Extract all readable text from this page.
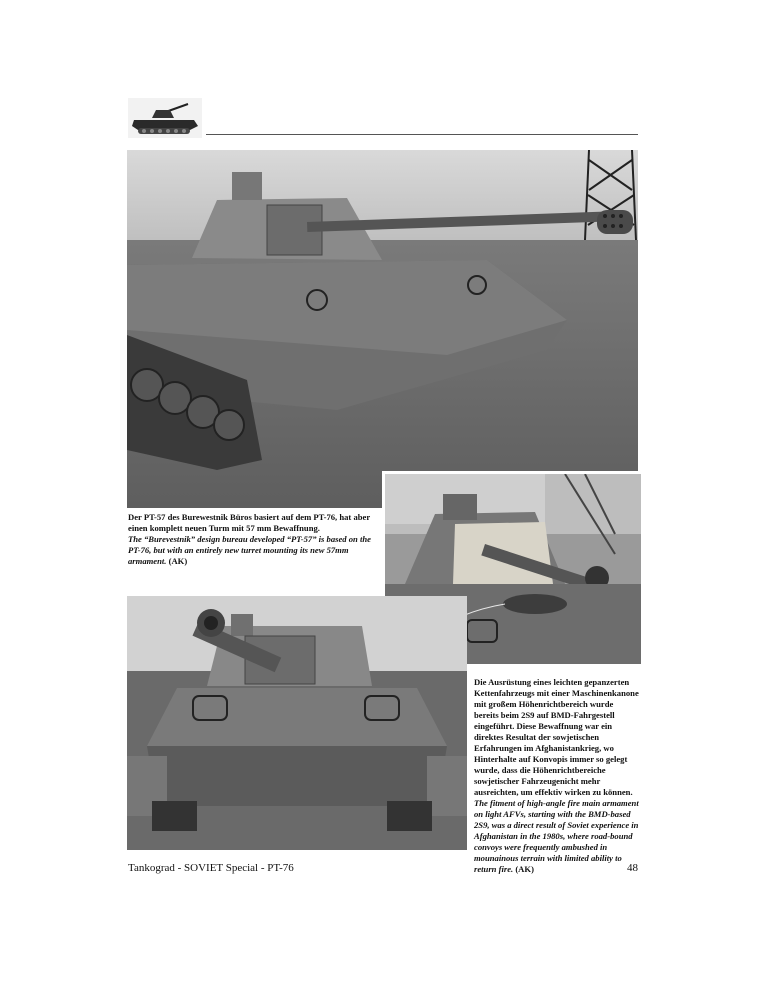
Der PT-57 des Burewestnik Büros basiert auf dem PT-76, hat aber einen komplett neuen Turm mit 57 mm Bewaffnung.
The “Burevestnik” design bureau developed “PT-57” is based on the PT-76, but with an entirely new turret mounting its new 57mm armament. (AK)
Die Ausrüstung eines leichten gepanzerten Kettenfahrzeugs mit einer Maschinenkanone mit großem Höhenrichtbereich wurde bereits beim 2S9 auf BMD-Fahrgestell eingeführt. Diese Bewaffnung war ein direktes Resultat der sowjetischen Erfahrungen im Afghanistankrieg, wo Hinterhalte auf Konvopis immer so gelegt wurde, dass die Höhenrichtbereiche sowjetischer Fahrzeugenicht mehr ausreichten, um effektiv wirken zu können.
The fitment of high-angle fire main armament on light AFVs, starting with the BMD-based 2S9, was a direct result of Soviet experience in Afghanistan in the 1980s, where road-bound convoys were frequently ambushed in mounainous terrain with limited ability to return fire. (AK)
Tankograd - SOVIET Special - PT-76	48
